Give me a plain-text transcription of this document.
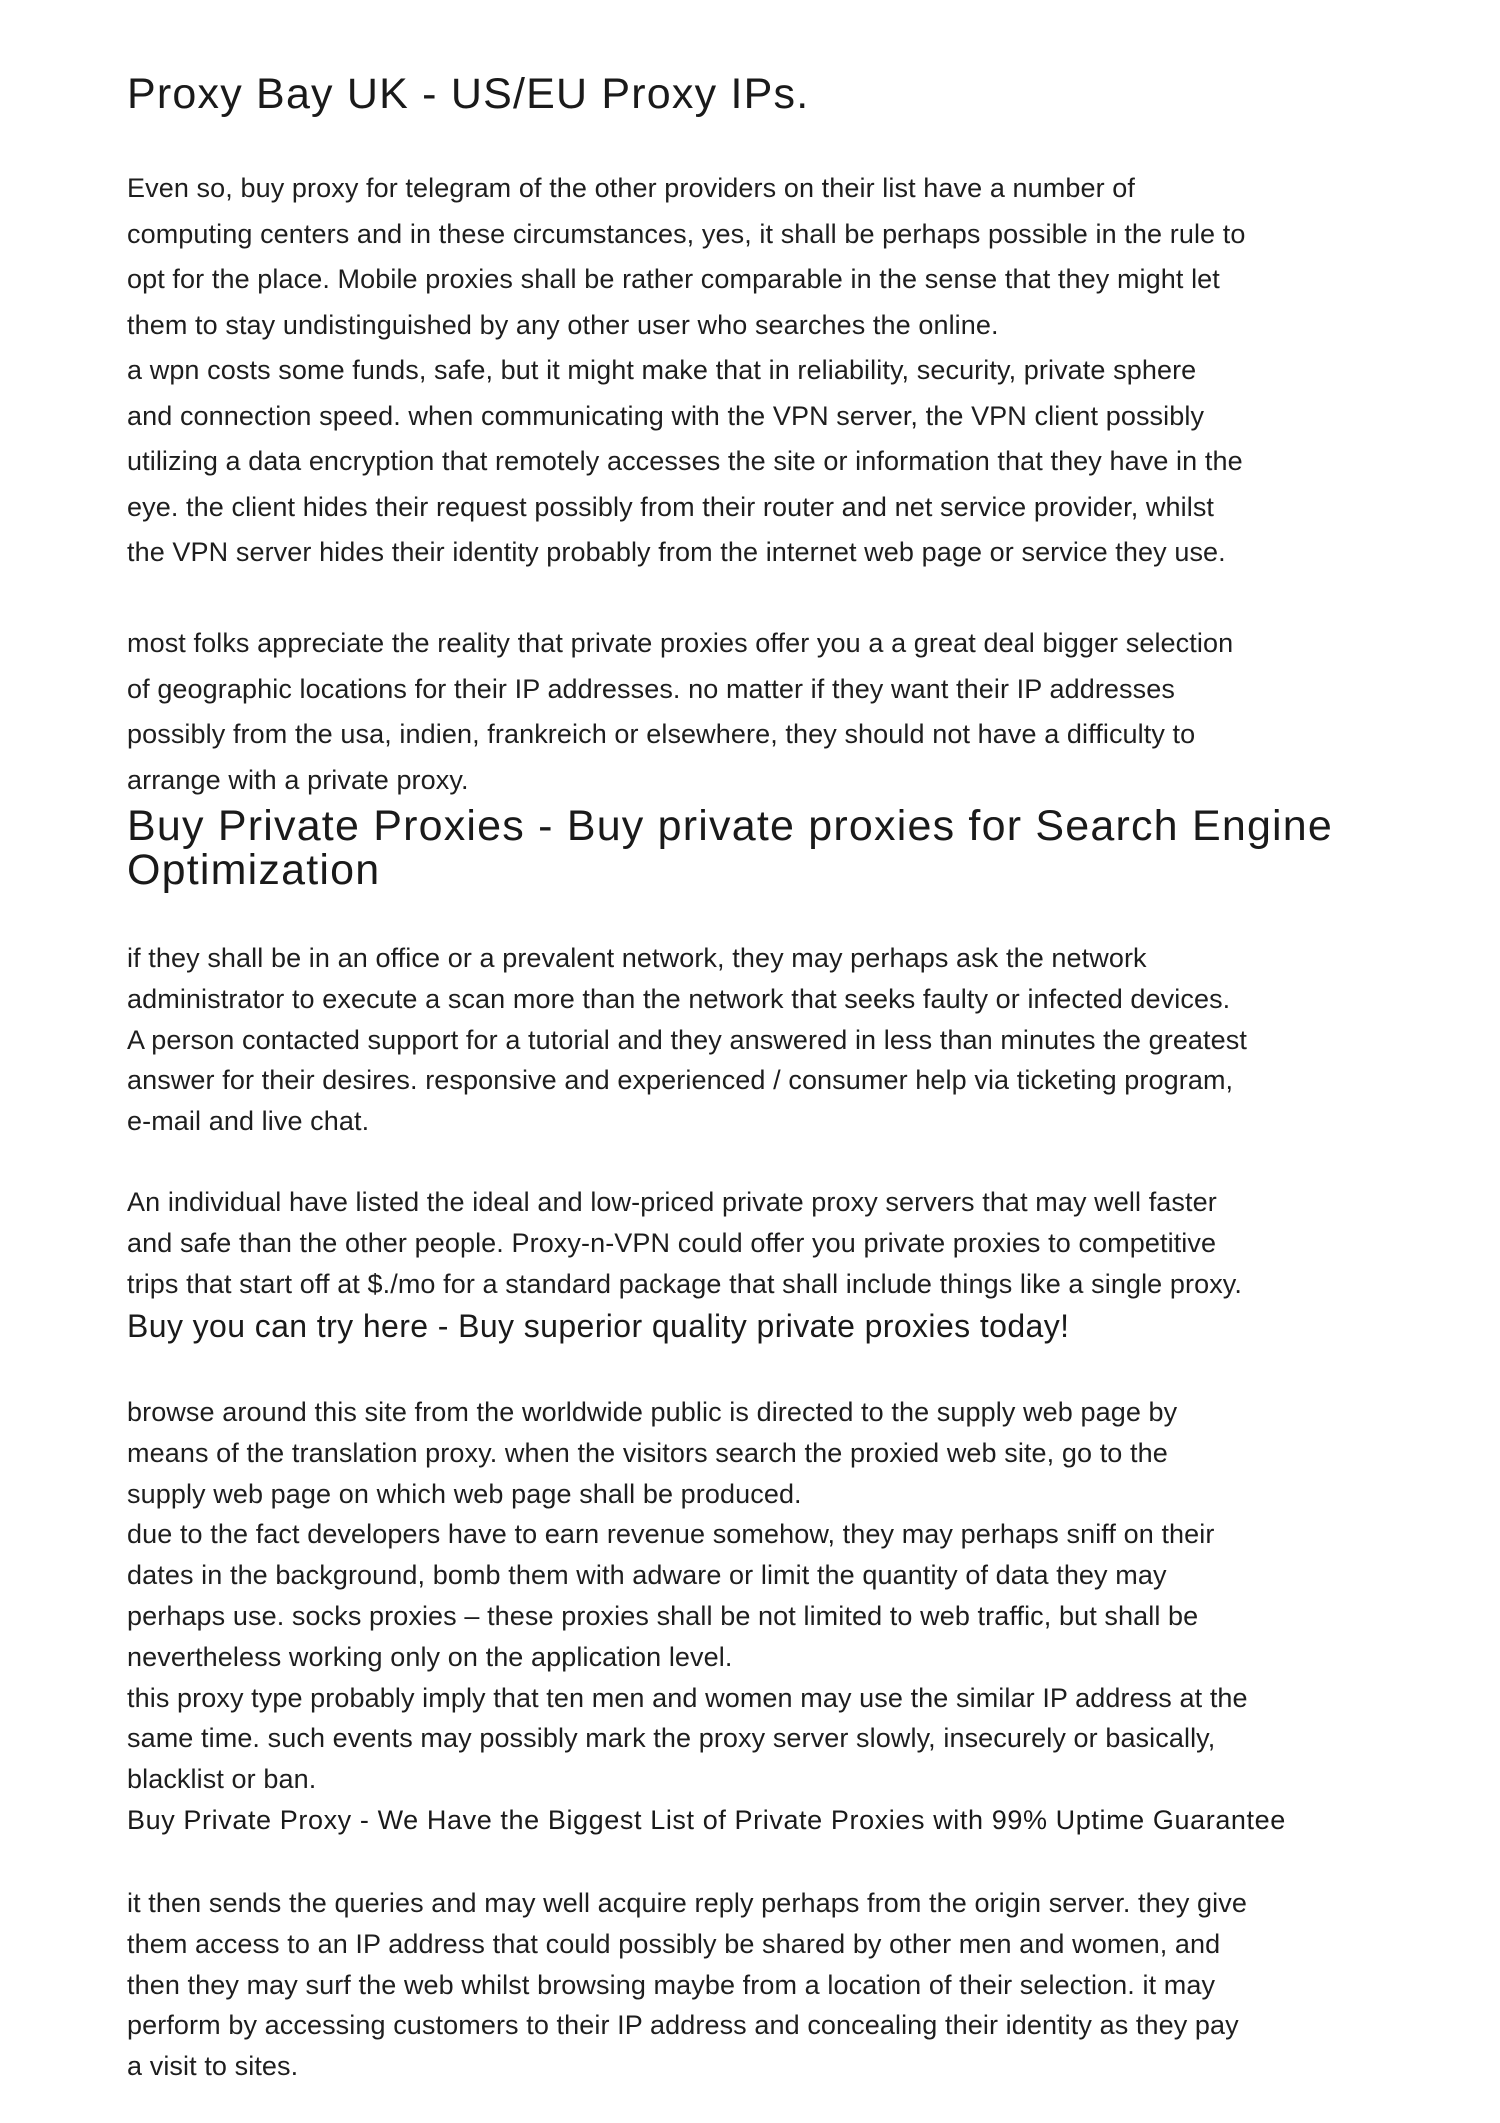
Proxy Bay UK - US/EU Proxy IPs.

Even so, buy proxy for telegram of the other providers on their list have a number of
computing centers and in these circumstances, yes, it shall be perhaps possible in the rule to
opt for the place. Mobile proxies shall be rather comparable in the sense that they might let
them to stay undistinguished by any other user who searches the online.
a wpn costs some funds, safe, but it might make that in reliability, security, private sphere
and connection speed. when communicating with the VPN server, the VPN client possibly
utilizing a data encryption that remotely accesses the site or information that they have in the
eye. the client hides their request possibly from their router and net service provider, whilst
the VPN server hides their identity probably from the internet web page or service they use.

most folks appreciate the reality that private proxies offer you a a great deal bigger selection
of geographic locations for their IP addresses. no matter if they want their IP addresses
possibly from the usa, indien, frankreich or elsewhere, they should not have a difficulty to
arrange with a private proxy.

Buy Private Proxies - Buy private proxies for Search Engine
Optimization

if they shall be in an office or a prevalent network, they may perhaps ask the network
administrator to execute a scan more than the network that seeks faulty or infected devices.
A person contacted support for a tutorial and they answered in less than minutes the greatest
answer for their desires. responsive and experienced / consumer help via ticketing program,
e-mail and live chat.

An individual have listed the ideal and low-priced private proxy servers that may well faster
and safe than the other people. Proxy-n-VPN could offer you private proxies to competitive
trips that start off at $./mo for a standard package that shall include things like a single proxy.

Buy you can try here - Buy superior quality private proxies today!

browse around this site from the worldwide public is directed to the supply web page by
means of the translation proxy. when the visitors search the proxied web site, go to the
supply web page on which web page shall be produced.
due to the fact developers have to earn revenue somehow, they may perhaps sniff on their
dates in the background, bomb them with adware or limit the quantity of data they may
perhaps use. socks proxies – these proxies shall be not limited to web traffic, but shall be
nevertheless working only on the application level.
this proxy type probably imply that ten men and women may use the similar IP address at the
same time. such events may possibly mark the proxy server slowly, insecurely or basically,
blacklist or ban.

Buy Private Proxy - We Have the Biggest List of Private Proxies with 99% Uptime Guarantee

it then sends the queries and may well acquire reply perhaps from the origin server. they give
them access to an IP address that could possibly be shared by other men and women, and
then they may surf the web whilst browsing maybe from a location of their selection. it may
perform by accessing customers to their IP address and concealing their identity as they pay
a visit to sites.
